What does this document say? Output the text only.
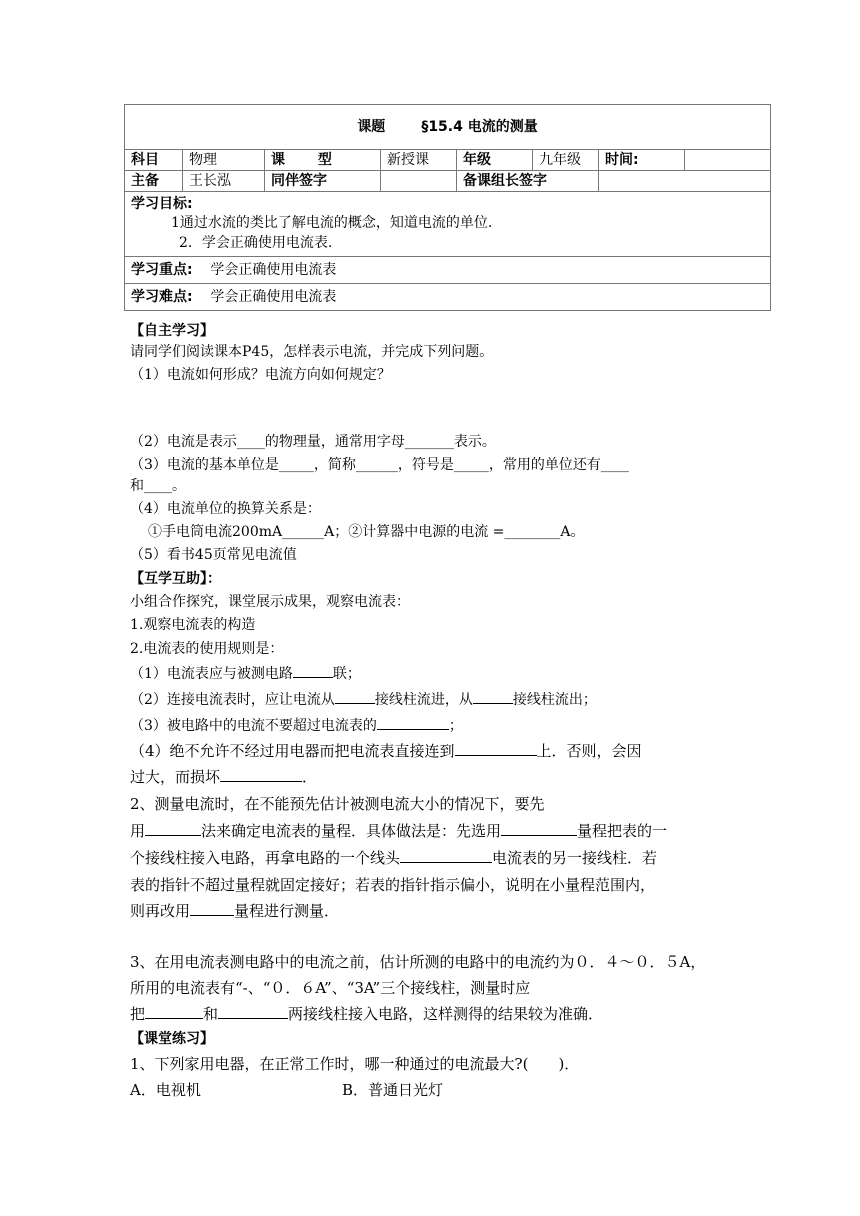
课题 §15.4 电流的测量							
科目	物理	课 型	新授课	年级	九年级	时间:	
主备	王长泓	同伴签字		备课组长签字			

学习目标:
1通过水流的类比了解电流的概念，知道电流的单位.
2．学会正确使用电流表.							

学习重点: 学会正确使用电流表							
学习难点: 学会正确使用电流表							
【自主学习】
请同学们阅读课本P45，怎样表示电流，并完成下列问题。
（1）电流如何形成？电流方向如何规定？
（2）电流是表示____的物理量，通常用字母_______表示。
（3）电流的基本单位是_____，简称______，符号是_____，常用的单位还有____
和____。
（4）电流单位的换算关系是：
①手电筒电流200mA______A；②计算器中电源的电流 =________A。
（5）看书45页常见电流值
【互学互助】：
小组合作探究，课堂展示成果，观察电流表：
1.观察电流表的构造
2.电流表的使用规则是：
（1）电流表应与被测电路	联；
（2）连接电流表时，应让电流从	接线柱流进，从	接线柱流出；
（3）被电路中的电流不要超过电流表的	；
（4）绝不允许不经过用电器而把电流表直接连到	上．否则，会因
过大，而损坏	．
2、测量电流时，在不能预先估计被测电流大小的情况下，要先
用	法来确定电流表的量程．具体做法是：先选用	量程把表的一
个接线柱接入电路，再拿电路的一个线头	电流表的另一接线柱．若
表的指针不超过量程就固定接好；若表的指针指示偏小，说明在小量程范围内，
则再改用	量程进行测量．
3、在用电流表测电路中的电流之前，估计所测的电路中的电流约为０．４～０．５A，
所用的电流表有“-、“０．６A”、“3A”三个接线柱，测量时应
把	和	两接线柱接入电路，这样测得的结果较为准确．
【课堂练习】
1、下列家用电器，在正常工作时，哪一种通过的电流最大?(　　)．
A．电视机	B．普通日光灯
